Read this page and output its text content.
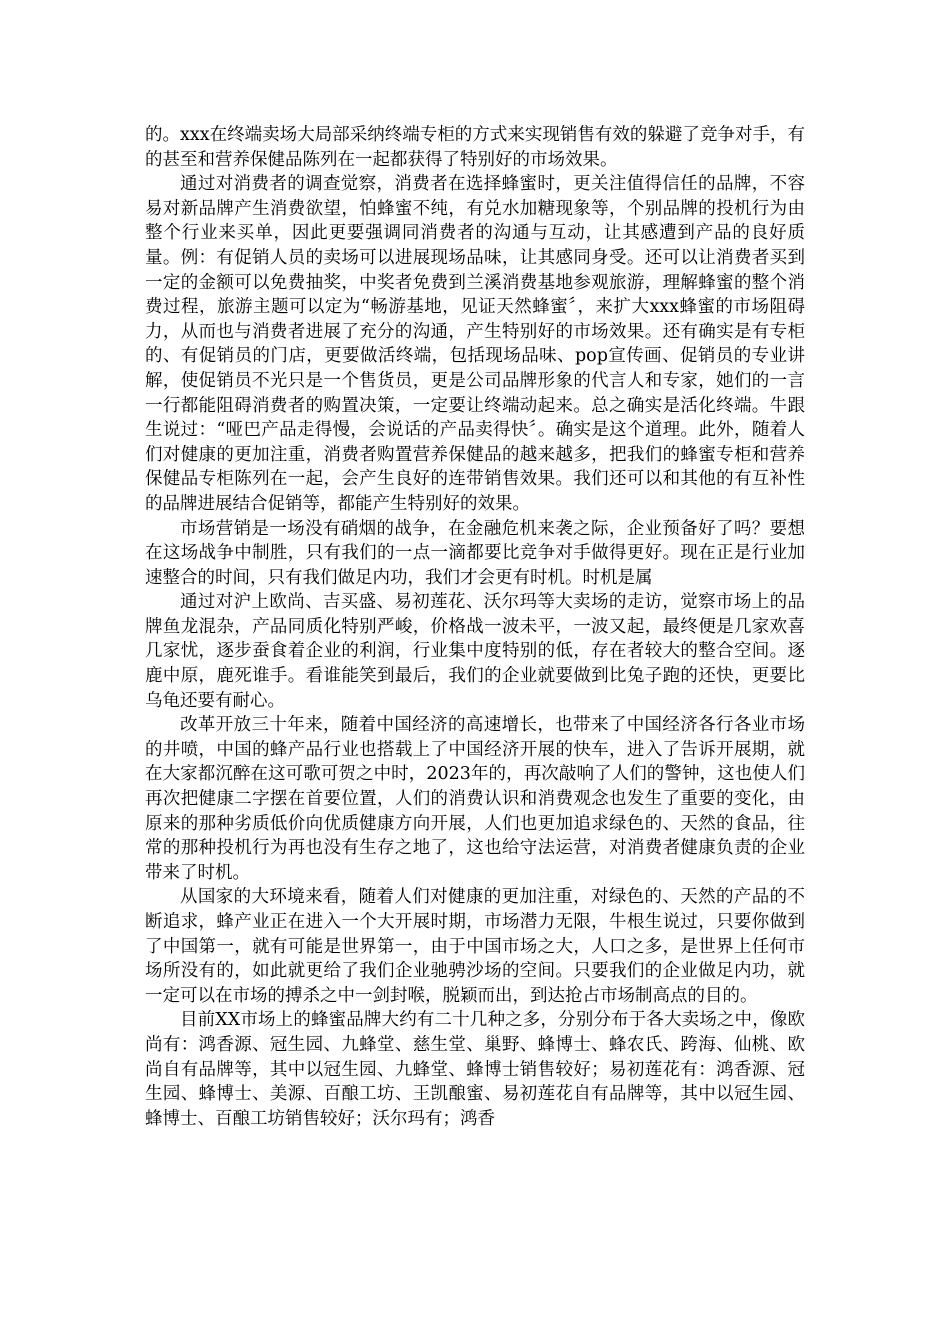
的。xxx在终端卖场大局部采纳终端专柜的方式来实现销售有效的躲避了竞争对手，有的甚至和营养保健品陈列在一起都获得了特别好的市场效果。

通过对消费者的调查觉察，消费者在选择蜂蜜时，更关注值得信任的品牌，不容易对新品牌产生消费欲望，怕蜂蜜不纯，有兑水加糖现象等，个别品牌的投机行为由整个行业来买单，因此更要强调同消费者的沟通与互动，让其感遭到产品的良好质量。例：有促销人员的卖场可以进展现场品味，让其感同身受。还可以让消费者买到一定的金额可以免费抽奖，中奖者免费到兰溪消费基地参观旅游，理解蜂蜜的整个消费过程，旅游主题可以定为“畅游基地，见证天然蜂蜜〞，来扩大xxx蜂蜜的市场阻碍力，从而也与消费者进展了充分的沟通，产生特别好的市场效果。还有确实是有专柜的、有促销员的门店，更要做活终端，包括现场品味、pop宣传画、促销员的专业讲解，使促销员不光只是一个售货员，更是公司品牌形象的代言人和专家，她们的一言一行都能阻碍消费者的购置决策，一定要让终端动起来。总之确实是活化终端。牛跟生说过：“哑巴产品走得慢，会说话的产品卖得快〞。确实是这个道理。此外，随着人们对健康的更加注重，消费者购置营养保健品的越来越多，把我们的蜂蜜专柜和营养保健品专柜陈列在一起，会产生良好的连带销售效果。我们还可以和其他的有互补性的品牌进展结合促销等，都能产生特别好的效果。

市场营销是一场没有硝烟的战争，在金融危机来袭之际，企业预备好了吗？要想在这场战争中制胜，只有我们的一点一滴都要比竞争对手做得更好。现在正是行业加速整合的时间，只有我们做足内功，我们才会更有时机。时机是属

通过对沪上欧尚、吉买盛、易初莲花、沃尔玛等大卖场的走访，觉察市场上的品牌鱼龙混杂，产品同质化特别严峻，价格战一波未平，一波又起，最终便是几家欢喜几家忧，逐步蚕食着企业的利润，行业集中度特别的低，存在者较大的整合空间。逐鹿中原，鹿死谁手。看谁能笑到最后，我们的企业就要做到比兔子跑的还快，更要比乌龟还要有耐心。

改革开放三十年来，随着中国经济的高速增长，也带来了中国经济各行各业市场的井喷，中国的蜂产品行业也搭载上了中国经济开展的快车，进入了告诉开展期，就在大家都沉醉在这可歌可贺之中时，2023年的，再次敲响了人们的警钟，这也使人们再次把健康二字摆在首要位置，人们的消费认识和消费观念也发生了重要的变化，由原来的那种劣质低价向优质健康方向开展，人们也更加追求绿色的、天然的食品，往常的那种投机行为再也没有生存之地了，这也给守法运营，对消费者健康负责的企业带来了时机。

从国家的大环境来看，随着人们对健康的更加注重，对绿色的、天然的产品的不断追求，蜂产业正在进入一个大开展时期，市场潜力无限，牛根生说过，只要你做到了中国第一，就有可能是世界第一，由于中国市场之大，人口之多，是世界上任何市场所没有的，如此就更给了我们企业驰骋沙场的空间。只要我们的企业做足内功，就一定可以在市场的搏杀之中一剑封喉，脱颖而出，到达抢占市场制高点的目的。

目前XX市场上的蜂蜜品牌大约有二十几种之多，分别分布于各大卖场之中，像欧尚有：鸿香源、冠生园、九蜂堂、慈生堂、巢野、蜂博士、蜂农氏、跨海、仙桃、欧尚自有品牌等，其中以冠生园、九蜂堂、蜂博士销售较好；易初莲花有：鸿香源、冠生园、蜂博士、美源、百酿工坊、王凯酿蜜、易初莲花自有品牌等，其中以冠生园、蜂博士、百酿工坊销售较好；沃尔玛有；鸿香
